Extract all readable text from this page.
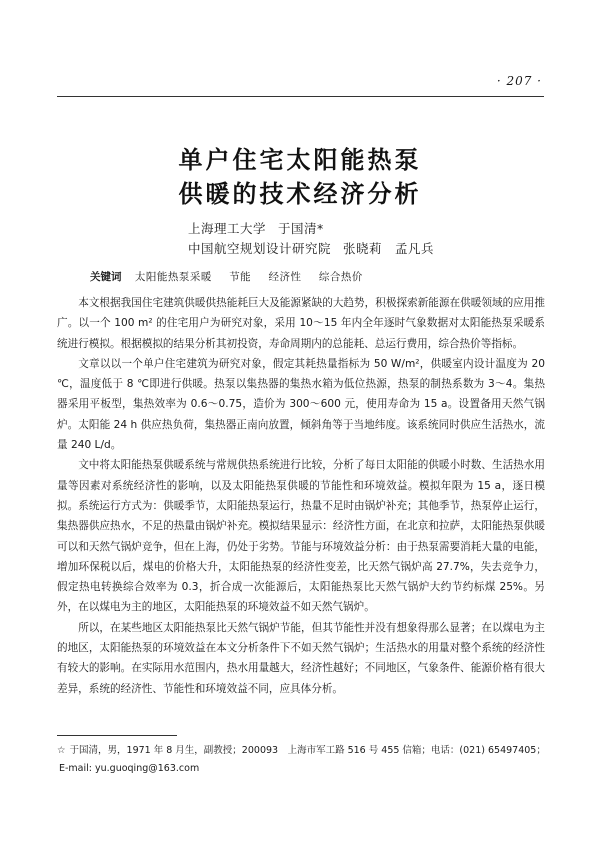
· 207 ·
单户住宅太阳能热泵
供暖的技术经济分析
上海理工大学 于国清*
中国航空规划设计研究院 张晓莉　孟凡兵
关键词 太阳能热泵采暖 节能 经济性 综合热价

本文根据我国住宅建筑供暖供热能耗巨大及能源紧缺的大趋势，积极探索新能源在供暖领域的应用推广。以一个 100 m² 的住宅用户为研究对象，采用 10～15 年内全年逐时气象数据对太阳能热泵采暖系统进行模拟。根据模拟的结果分析其初投资，寿命周期内的总能耗、总运行费用，综合热价等指标。

文章以以一个单户住宅建筑为研究对象，假定其耗热量指标为 50 W/m²，供暖室内设计温度为 20 ℃，温度低于 8 ℃即进行供暖。热泵以集热器的集热水箱为低位热源，热泵的制热系数为 3～4。集热器采用平板型，集热效率为 0.6～0.75，造价为 300～600 元，使用寿命为 15 a。设置备用天然气锅炉。太阳能 24 h 供应热负荷，集热器正南向放置，倾斜角等于当地纬度。该系统同时供应生活热水，流量 240 L/d。

文中将太阳能热泵供暖系统与常规供热系统进行比较，分析了每日太阳能的供暖小时数、生活热水用量等因素对系统经济性的影响，以及太阳能热泵供暖的节能性和环境效益。模拟年限为 15 a，逐日模拟。系统运行方式为：供暖季节，太阳能热泵运行，热量不足时由锅炉补充；其他季节，热泵停止运行，集热器供应热水，不足的热量由锅炉补充。模拟结果显示：经济性方面，在北京和拉萨，太阳能热泵供暖可以和天然气锅炉竞争，但在上海，仍处于劣势。节能与环境效益分析：由于热泵需要消耗大量的电能，增加环保税以后，煤电的价格大升，太阳能热泵的经济性变差，比天然气锅炉高 27.7%，失去竞争力，假定热电转换综合效率为 0.3，折合成一次能源后，太阳能热泵比天然气锅炉大约节约标煤 25%。另外，在以煤电为主的地区，太阳能热泵的环境效益不如天然气锅炉。

所以，在某些地区太阳能热泵比天然气锅炉节能，但其节能性并没有想象得那么显著；在以煤电为主的地区，太阳能热泵的环境效益在本文分析条件下不如天然气锅炉；生活热水的用量对整个系统的经济性有较大的影响。在实际用水范围内，热水用量越大，经济性越好；不同地区，气象条件、能源价格有很大差异，系统的经济性、节能性和环境效益不同，应具体分析。

☆ 于国清，男，1971 年 8 月生，副教授；200093　上海市军工路 516 号 455 信箱；电话：(021) 65497405；
E-mail: yu.guoqing@163.com
